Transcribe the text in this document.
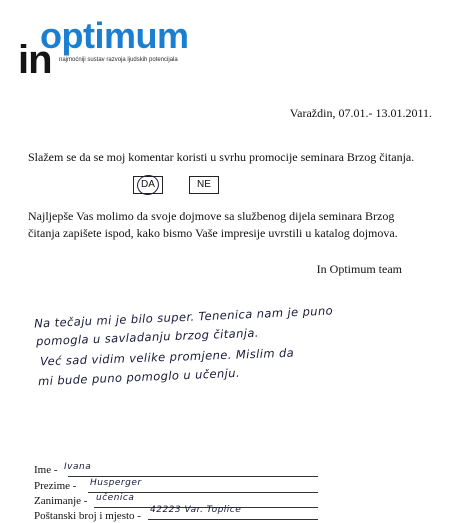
optimum
in najmoćniji sustav razvoja ljudskih potencijala
Varaždin, 07.01.- 13.01.2011.
Slažem se da se moj komentar koristi u svrhu promocije seminara Brzog čitanja.
DA	NE
Najljepše Vas molimo da svoje dojmove sa službenog dijela seminara Brzog čitanja zapišete ispod, kako bismo Vaše impresije uvrstili u katalog dojmova.
In Optimum team
Na tečaju mi je bilo super. Tenenica nam je puno
pomogla u savladanju brzog čitanja.
Već sad vidim velike promjene. Mislim da
mi bude puno pomoglo u učenju.
Ime - Ivana
Prezime - Husperger
Zanimanje - učenica
Poštanski broj i mjesto - 42223 Var. Toplice
